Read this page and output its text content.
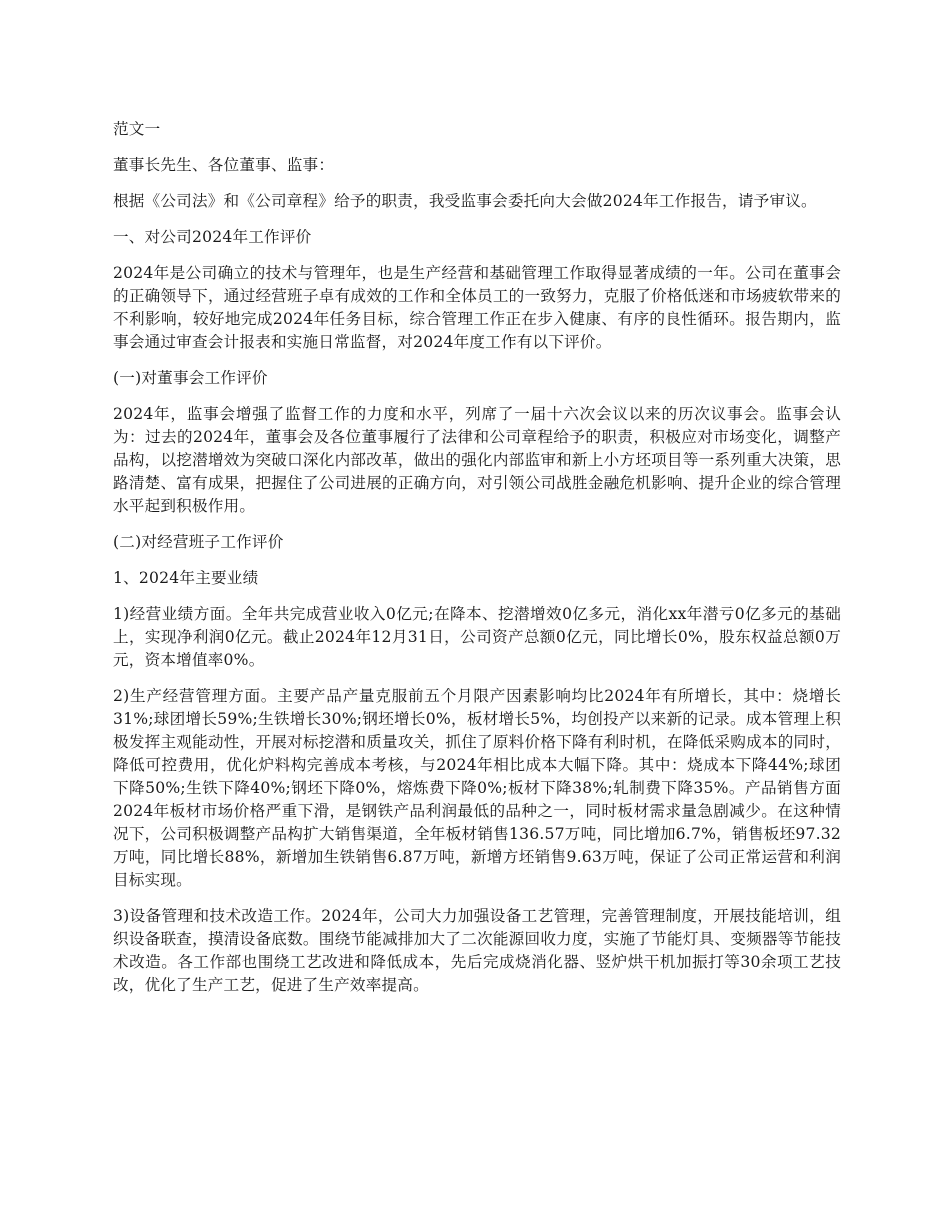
范文一

董事长先生、各位董事、监事：

根据《公司法》和《公司章程》给予的职责，我受监事会委托向大会做2024年工作报告，请予审议。

一、对公司2024年工作评价

2024年是公司确立的技术与管理年，也是生产经营和基础管理工作取得显著成绩的一年。公司在董事会的正确领导下，通过经营班子卓有成效的工作和全体员工的一致努力，克服了价格低迷和市场疲软带来的不利影响，较好地完成2024年任务目标，综合管理工作正在步入健康、有序的良性循环。报告期内，监事会通过审查会计报表和实施日常监督，对2024年度工作有以下评价。

(一)对董事会工作评价

2024年，监事会增强了监督工作的力度和水平，列席了一届十六次会议以来的历次议事会。监事会认为：过去的2024年，董事会及各位董事履行了法律和公司章程给予的职责，积极应对市场变化，调整产品构，以挖潜增效为突破口深化内部改革，做出的强化内部监审和新上小方坯项目等一系列重大决策，思路清楚、富有成果，把握住了公司进展的正确方向，对引领公司战胜金融危机影响、提升企业的综合管理水平起到积极作用。

(二)对经营班子工作评价

1、2024年主要业绩

1)经营业绩方面。全年共完成营业收入0亿元;在降本、挖潜增效0亿多元，消化xx年潜亏0亿多元的基础上，实现净利润0亿元。截止2024年12月31日，公司资产总额0亿元，同比增长0%，股东权益总额0万元，资本增值率0%。

2)生产经营管理方面。主要产品产量克服前五个月限产因素影响均比2024年有所增长，其中：烧增长31%;球团增长59%;生铁增长30%;钢坯增长0%，板材增长5%，均创投产以来新的记录。成本管理上积极发挥主观能动性，开展对标挖潜和质量攻关，抓住了原料价格下降有利时机，在降低采购成本的同时，降低可控费用，优化炉料构完善成本考核，与2024年相比成本大幅下降。其中：烧成本下降44%;球团下降50%;生铁下降40%;钢坯下降0%，熔炼费下降0%;板材下降38%;轧制费下降35%。产品销售方面2024年板材市场价格严重下滑，是钢铁产品利润最低的品种之一，同时板材需求量急剧减少。在这种情况下，公司积极调整产品构扩大销售渠道，全年板材销售136.57万吨，同比增加6.7%，销售板坯97.32万吨，同比增长88%，新增加生铁销售6.87万吨，新增方坯销售9.63万吨，保证了公司正常运营和利润目标实现。

3)设备管理和技术改造工作。2024年，公司大力加强设备工艺管理，完善管理制度，开展技能培训，组织设备联查，摸清设备底数。围绕节能减排加大了二次能源回收力度，实施了节能灯具、变频器等节能技术改造。各工作部也围绕工艺改进和降低成本，先后完成烧消化器、竖炉烘干机加振打等30余项工艺技改，优化了生产工艺，促进了生产效率提高。
